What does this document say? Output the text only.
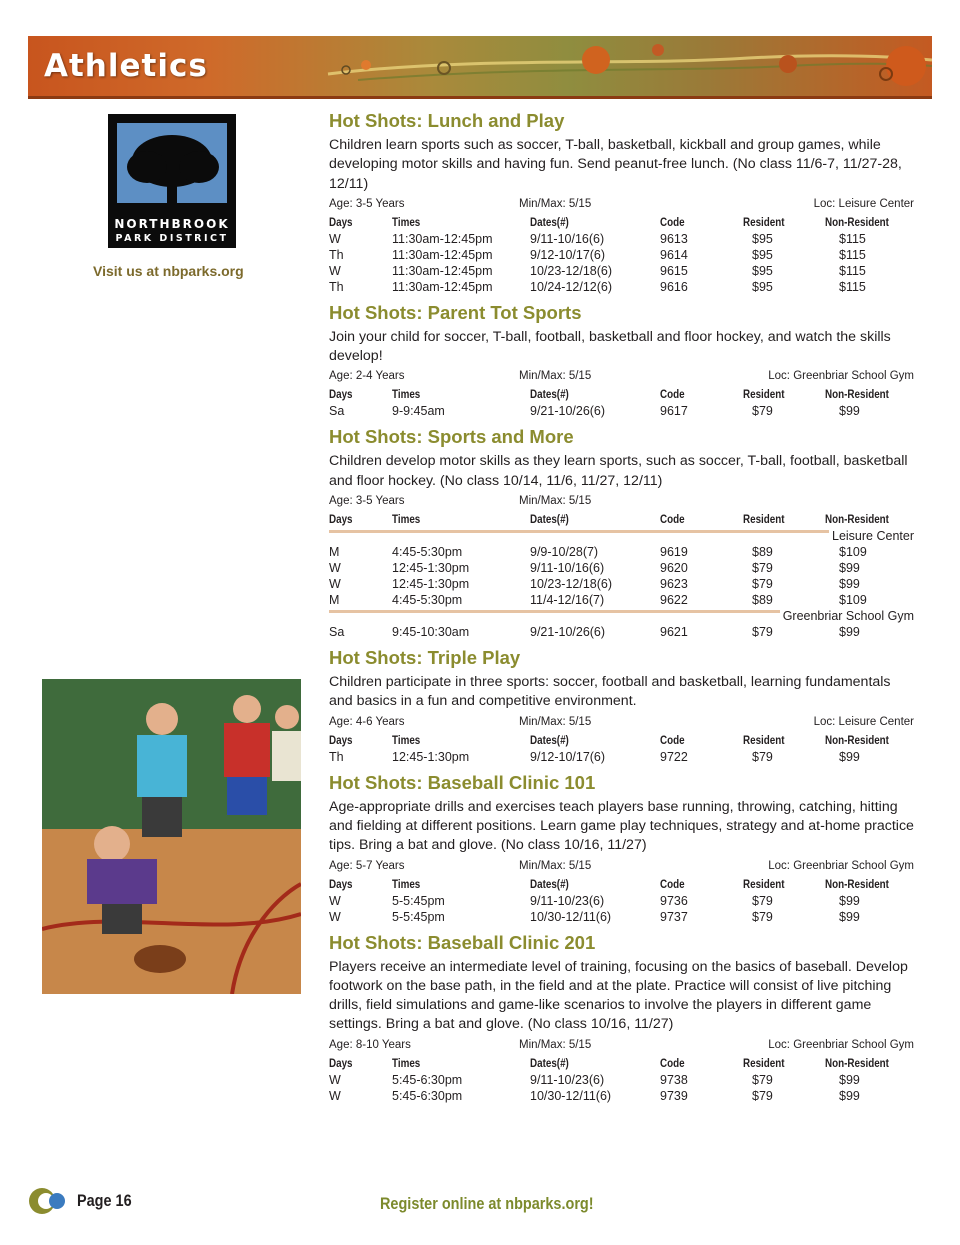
Athletics
NORTHBROOK
PARK DISTRICT
Visit us at nbparks.org
Hot Shots: Lunch and Play

Children learn sports such as soccer, T-ball, basketball, kickball and group games, while developing motor skills and having fun. Send peanut-free lunch. (No class 11/6-7, 11/27-28, 12/11)

Age: 3-5 Years	Min/Max: 5/15	Loc: Leisure Center
Days	Times	Dates(#)	Code	Resident	Non-Resident
W	11:30am-12:45pm	9/11-10/16(6)	9613	$95	$115
Th	11:30am-12:45pm	9/12-10/17(6)	9614	$95	$115
W	11:30am-12:45pm	10/23-12/18(6)	9615	$95	$115
Th	11:30am-12:45pm	10/24-12/12(6)	9616	$95	$115
Hot Shots: Parent Tot Sports

Join your child for soccer, T-ball, football, basketball and floor hockey, and watch the skills develop!

Age: 2-4 Years	Min/Max: 5/15	Loc: Greenbriar School Gym
Days	Times	Dates(#)	Code	Resident	Non-Resident
Sa	9-9:45am	9/21-10/26(6)	9617	$79	$99
Hot Shots: Sports and More

Children develop motor skills as they learn sports, such as soccer, T-ball, football, basketball and floor hockey. (No class 10/14, 11/6, 11/27, 12/11)

Age: 3-5 Years	Min/Max: 5/15
Days	Times	Dates(#)	Code	Resident	Non-Resident

Leisure Center					

M	4:45-5:30pm	9/9-10/28(7)	9619	$89	$109
W	12:45-1:30pm	9/11-10/16(6)	9620	$79	$99
W	12:45-1:30pm	10/23-12/18(6)	9623	$79	$99
M	4:45-5:30pm	11/4-12/16(7)	9622	$89	$109

Greenbriar School Gym					

Sa	9:45-10:30am	9/21-10/26(6)	9621	$79	$99
Hot Shots: Triple Play

Children participate in three sports: soccer, football and basketball, learning fundamentals and basics in a fun and competitive environment.

Age: 4-6 Years	Min/Max: 5/15	Loc: Leisure Center
Days	Times	Dates(#)	Code	Resident	Non-Resident
Th	12:45-1:30pm	9/12-10/17(6)	9722	$79	$99
Hot Shots: Baseball Clinic 101

Age-appropriate drills and exercises teach players base running, throwing, catching, hitting and fielding at different positions. Learn game play techniques, strategy and at-home practice tips. Bring a bat and glove. (No class 10/16, 11/27)

Age: 5-7 Years	Min/Max: 5/15	Loc: Greenbriar School Gym
Days	Times	Dates(#)	Code	Resident	Non-Resident
W	5-5:45pm	9/11-10/23(6)	9736	$79	$99
W	5-5:45pm	10/30-12/11(6)	9737	$79	$99
Hot Shots: Baseball Clinic 201

Players receive an intermediate level of training, focusing on the basics of baseball. Develop footwork on the base path, in the field and at the plate. Practice will consist of live pitching drills, field simulations and game-like scenarios to involve the players in different game settings. Bring a bat and glove. (No class 10/16, 11/27)

Age: 8-10 Years	Min/Max: 5/15	Loc: Greenbriar School Gym
Days	Times	Dates(#)	Code	Resident	Non-Resident
W	5:45-6:30pm	9/11-10/23(6)	9738	$79	$99
W	5:45-6:30pm	10/30-12/11(6)	9739	$79	$99
Page 16	Register online at nbparks.org!
